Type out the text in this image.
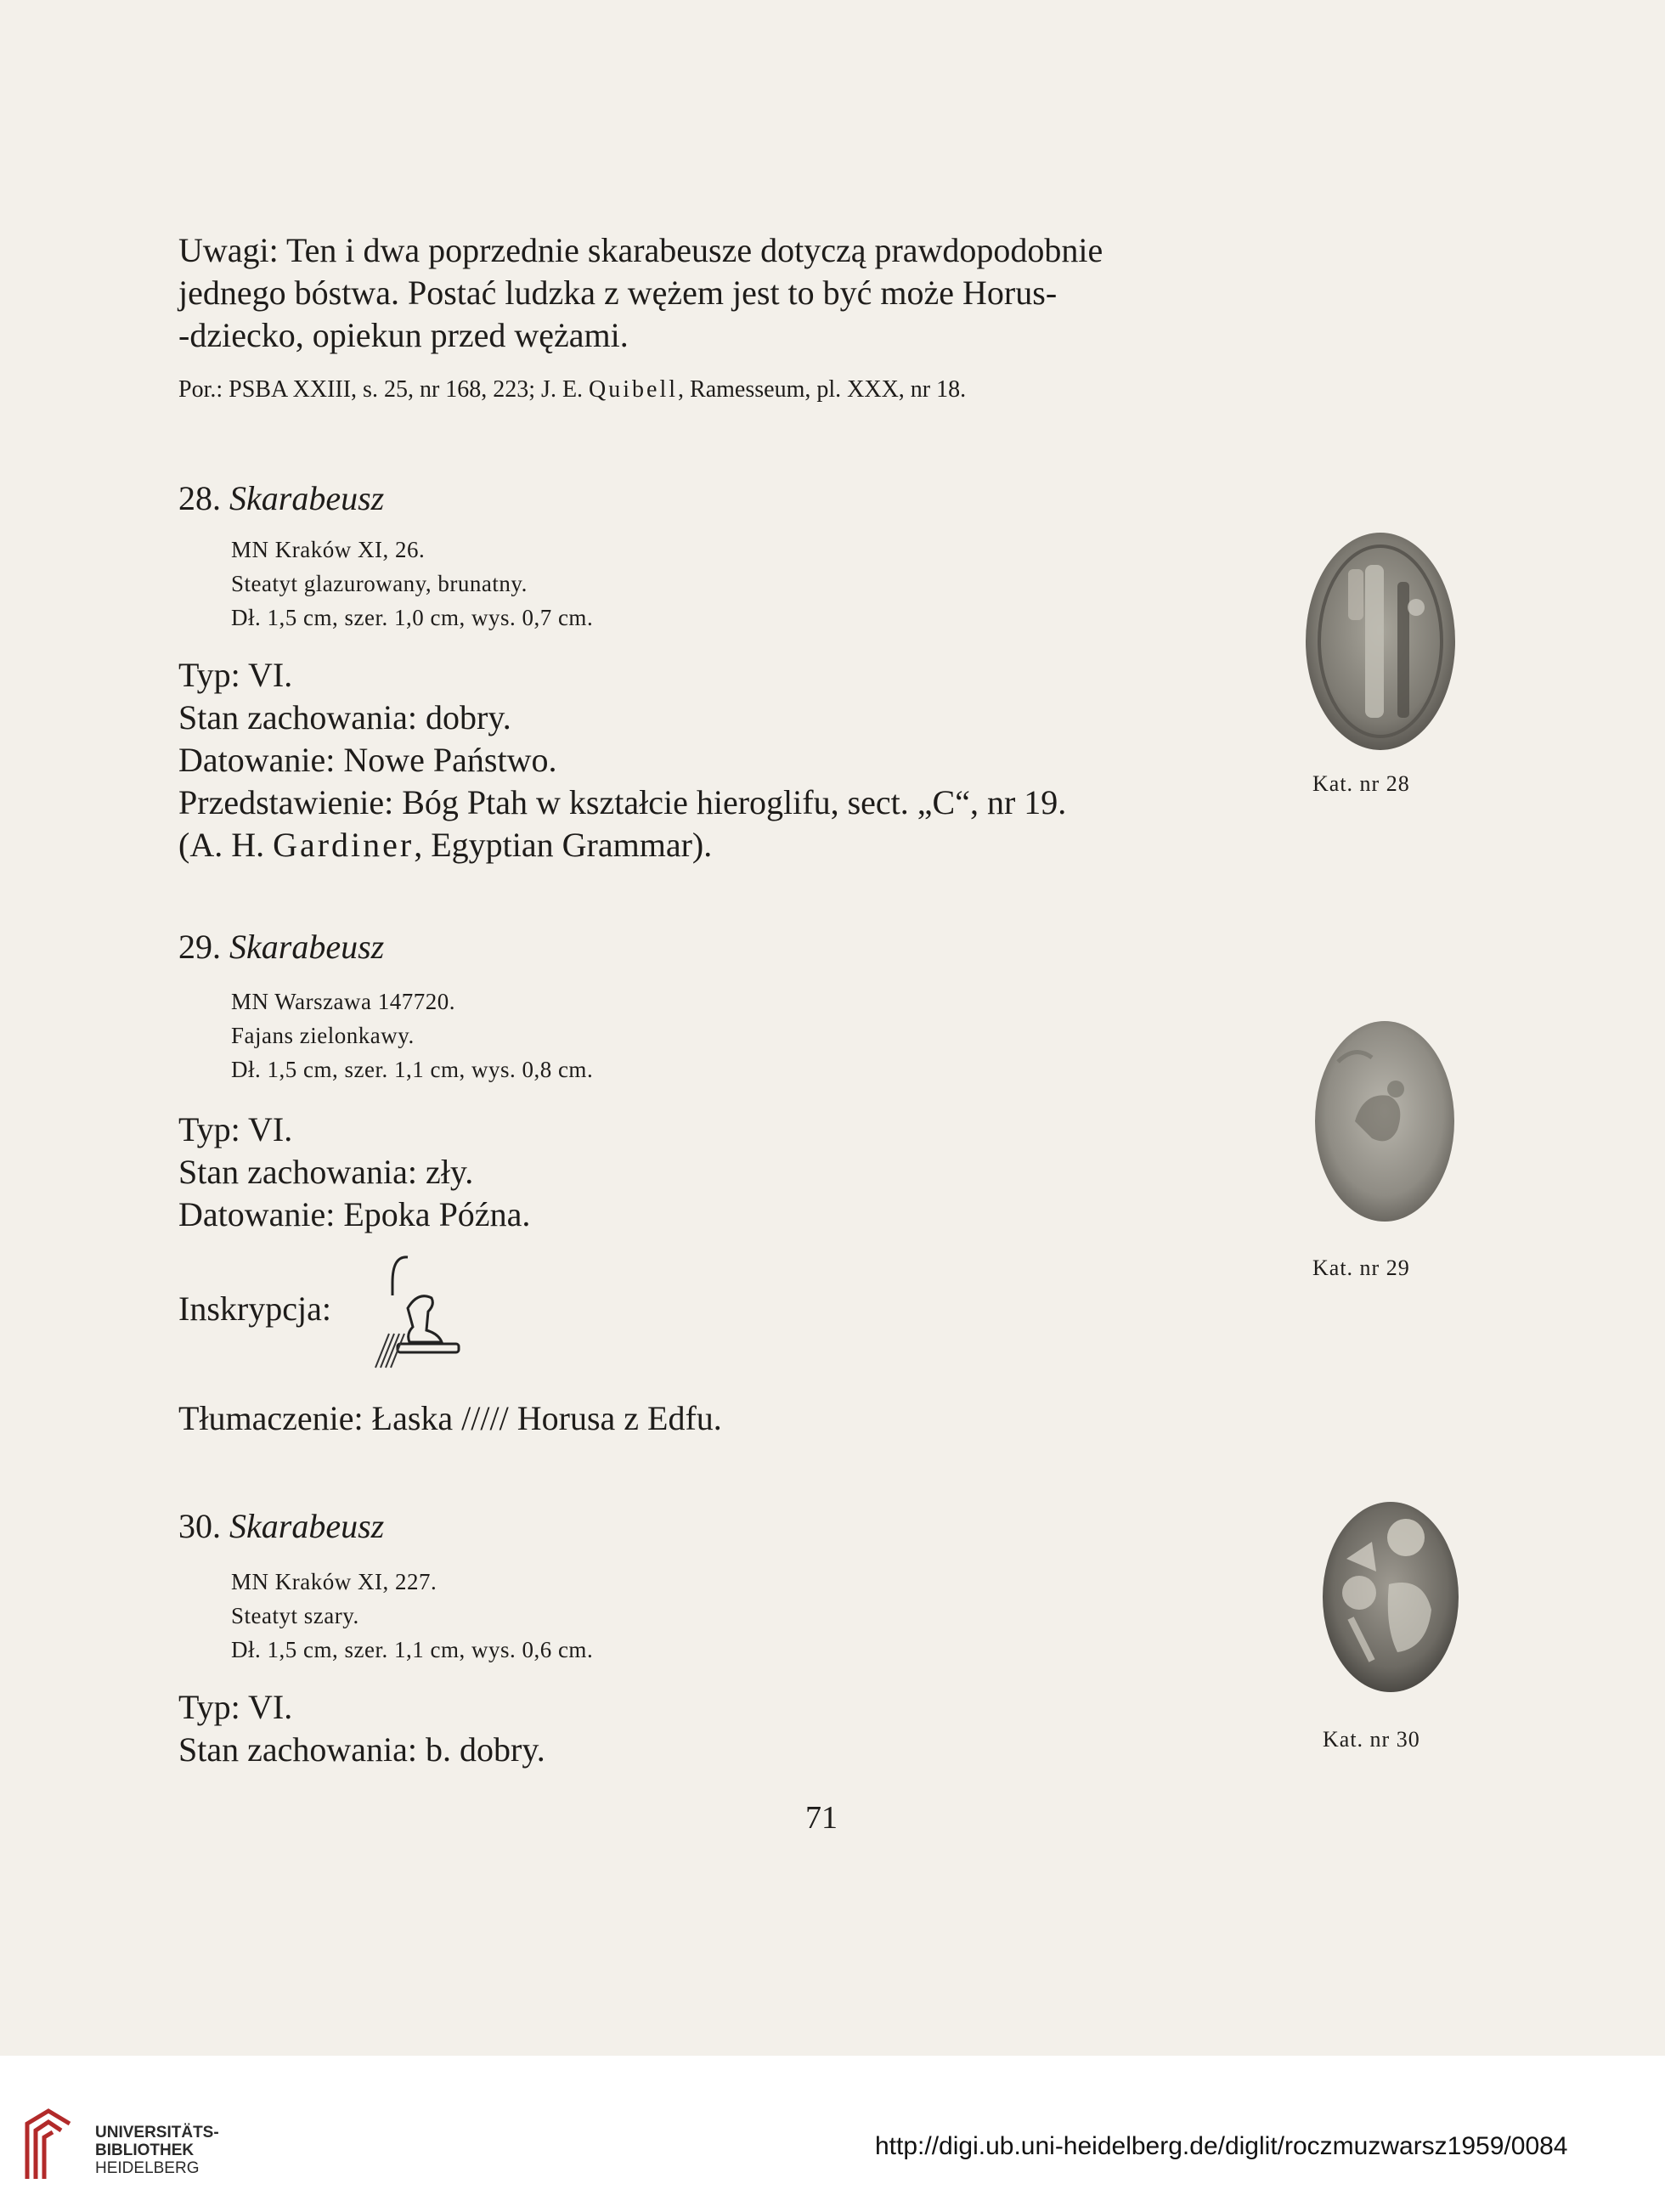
Uwagi: Ten i dwa poprzednie skarabeusze dotyczą prawdopodobnie
jednego bóstwa. Postać ludzka z wężem jest to być może Horus-
-dziecko, opiekun przed wężami.
Por.: PSBA XXIII, s. 25, nr 168, 223; J. E. Quibell, Ramesseum, pl. XXX, nr 18.
28. Skarabeusz
MN Kraków XI, 26.
Steatyt glazurowany, brunatny.
Dł. 1,5 cm, szer. 1,0 cm, wys. 0,7 cm.
Typ: VI.
Stan zachowania: dobry.
Datowanie: Nowe Państwo.
Przedstawienie: Bóg Ptah w kształcie hieroglifu, sect. „C“, nr 19.
(A. H. Gardiner, Egyptian Grammar).
Kat. nr 28
29. Skarabeusz
MN Warszawa 147720.
Fajans zielonkawy.
Dł. 1,5 cm, szer. 1,1 cm, wys. 0,8 cm.
Typ: VI.
Stan zachowania: zły.
Datowanie: Epoka Późna.
Inskrypcja:
Tłumaczenie: Łaska ///// Horusa z Edfu.
Kat. nr 29
30. Skarabeusz
MN Kraków XI, 227.
Steatyt szary.
Dł. 1,5 cm, szer. 1,1 cm, wys. 0,6 cm.
Typ: VI.
Stan zachowania: b. dobry.	Kat. nr 30
71
UNIVERSITÄTS-
BIBLIOTHEK
HEIDELBERG
http://digi.ub.uni-heidelberg.de/diglit/roczmuzwarsz1959/0084
